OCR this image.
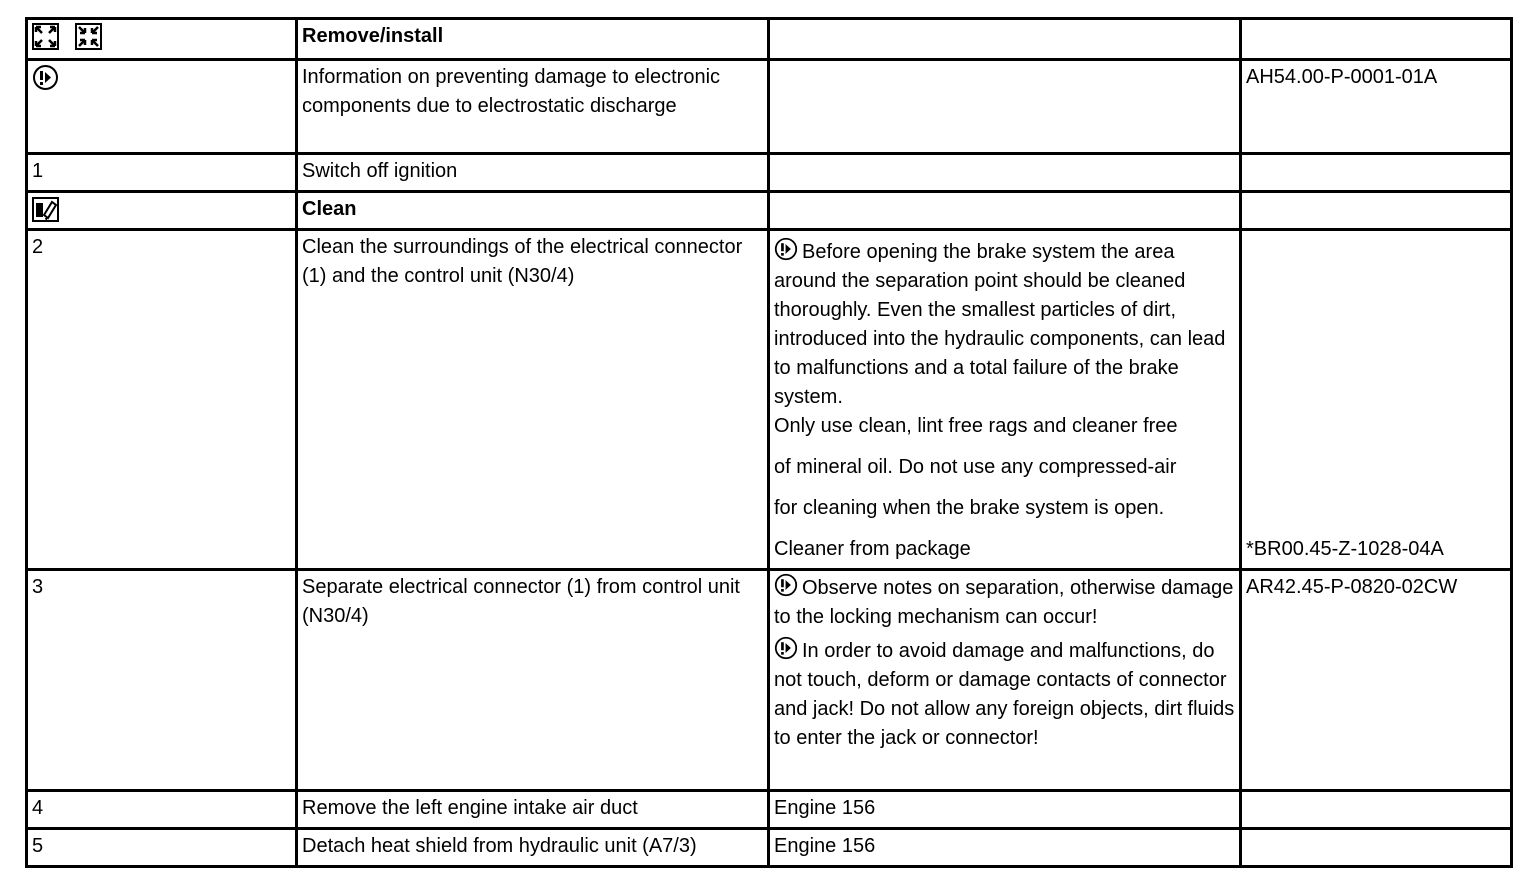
	Remove/install		
	Information on preventing damage to electronic components due to electrostatic discharge		AH54.00-P-0001-01A
1	Switch off ignition		
	Clean		
2	Clean the surroundings of the electrical connector (1) and the control unit (N30/4)	Before opening the brake system the area around the separation point should be cleaned thoroughly. Even the smallest particles of dirt, introduced into the hydraulic components, can lead to malfunctions and a total failure of the brake system.
Only use clean, lint free rags and cleaner free
of mineral oil. Do not use any compressed-air
for cleaning when the brake system is open.
Cleaner from package	*BR00.45-Z-1028-04A
3	Separate electrical connector (1) from control unit (N30/4)	Observe notes on separation, otherwise damage to the locking mechanism can occur!
In order to avoid damage and malfunctions, do not touch, deform or damage contacts of connector and jack! Do not allow any foreign objects, dirt fluids to enter the jack or connector!	AR42.45-P-0820-02CW
4	Remove the left engine intake air duct	Engine 156	
5	Detach heat shield from hydraulic unit (A7/3)	Engine 156	
